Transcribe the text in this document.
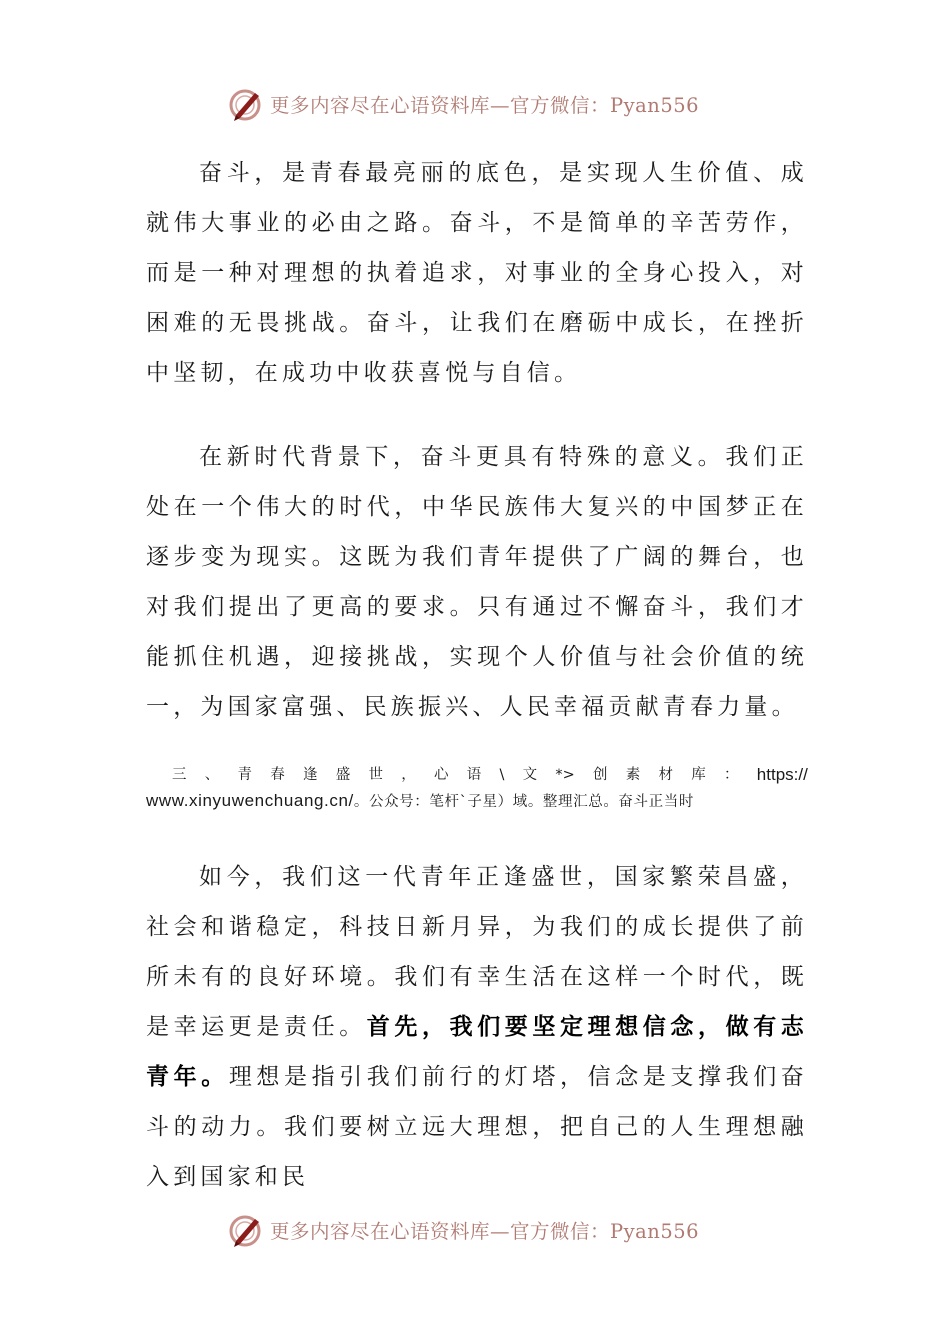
更多内容尽在心语资料库—官方微信：Pyan556

奋斗，是青春最亮丽的底色，是实现人生价值、成就伟大事业的必由之路。奋斗，不是简单的辛苦劳作，而是一种对理想的执着追求，对事业的全身心投入，对困难的无畏挑战。奋斗，让我们在磨砺中成长，在挫折中坚韧，在成功中收获喜悦与自信。

在新时代背景下，奋斗更具有特殊的意义。我们正处在一个伟大的时代，中华民族伟大复兴的中国梦正在逐步变为现实。这既为我们青年提供了广阔的舞台，也对我们提出了更高的要求。只有通过不懈奋斗，我们才能抓住机遇，迎接挑战，实现个人价值与社会价值的统一，为国家富强、民族振兴、人民幸福贡献青春力量。

三 、 青 春 逢 盛 世 ， 心 语 \ 文 *> 创 素 材 库 ： https://
www.xinyuwenchuang.cn/。公众号：笔杆`子星）域。整理汇总。奋斗正当时

如今，我们这一代青年正逢盛世，国家繁荣昌盛，社会和谐稳定，科技日新月异，为我们的成长提供了前所未有的良好环境。我们有幸生活在这样一个时代，既是幸运更是责任。首先，我们要坚定理想信念，做有志青年。理想是指引我们前行的灯塔，信念是支撑我们奋斗的动力。我们要树立远大理想，把自己的人生理想融入到国家和民

更多内容尽在心语资料库—官方微信：Pyan556
